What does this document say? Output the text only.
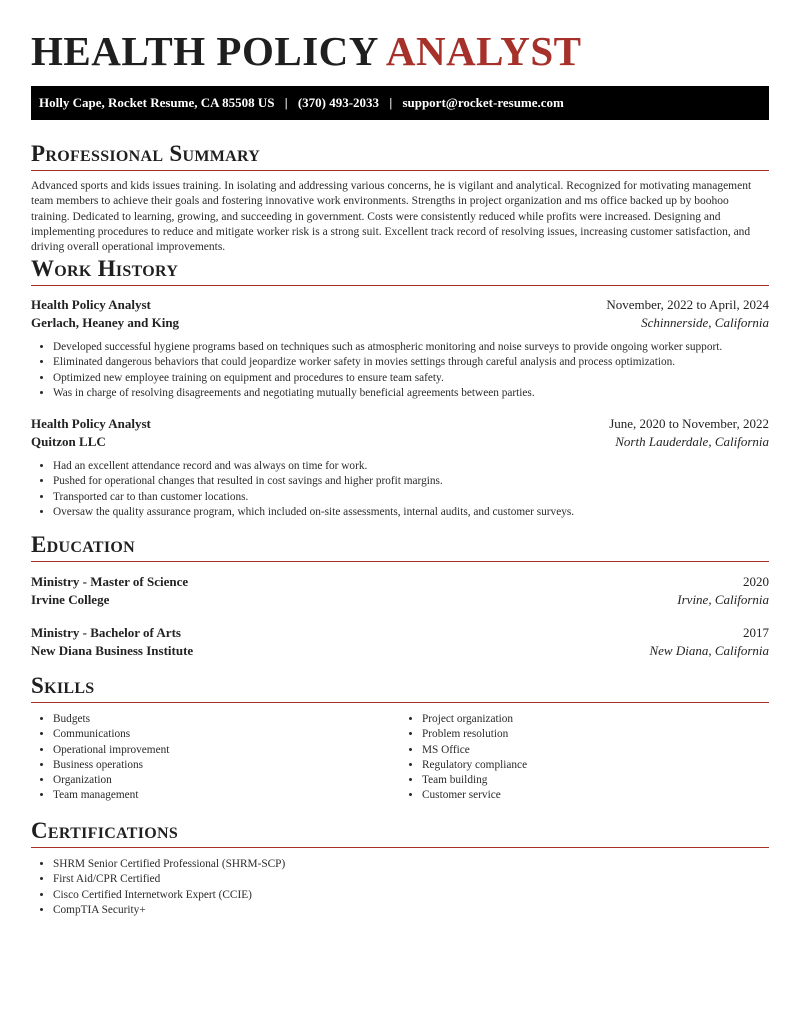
HEALTH POLICY ANALYST
Holly Cape, Rocket Resume, CA 85508 US | (370) 493-2033 | support@rocket-resume.com
Professional Summary
Advanced sports and kids issues training. In isolating and addressing various concerns, he is vigilant and analytical. Recognized for motivating management team members to achieve their goals and fostering innovative work environments. Strengths in project organization and ms office backed up by boohoo training. Dedicated to learning, growing, and succeeding in government. Costs were consistently reduced while profits were increased. Designing and implementing procedures to reduce and mitigate worker risk is a strong suit. Excellent track record of resolving issues, increasing customer satisfaction, and driving overall operational improvements.
Work History
Health Policy Analyst	November, 2022 to April, 2024
Gerlach, Heaney and King	Schinnerside, California
• Developed successful hygiene programs based on techniques such as atmospheric monitoring and noise surveys to provide ongoing worker support.
• Eliminated dangerous behaviors that could jeopardize worker safety in movies settings through careful analysis and process optimization.
• Optimized new employee training on equipment and procedures to ensure team safety.
• Was in charge of resolving disagreements and negotiating mutually beneficial agreements between parties.
Health Policy Analyst	June, 2020 to November, 2022
Quitzon LLC	North Lauderdale, California
• Had an excellent attendance record and was always on time for work.
• Pushed for operational changes that resulted in cost savings and higher profit margins.
• Transported car to than customer locations.
• Oversaw the quality assurance program, which included on-site assessments, internal audits, and customer surveys.
Education
Ministry - Master of Science	2020
Irvine College	Irvine, California
Ministry - Bachelor of Arts	2017
New Diana Business Institute	New Diana, California
Skills
• Budgets
• Communications
• Operational improvement
• Business operations
• Organization
• Team management
• Project organization
• Problem resolution
• MS Office
• Regulatory compliance
• Team building
• Customer service
Certifications
• SHRM Senior Certified Professional (SHRM-SCP)
• First Aid/CPR Certified
• Cisco Certified Internetwork Expert (CCIE)
• CompTIA Security+
